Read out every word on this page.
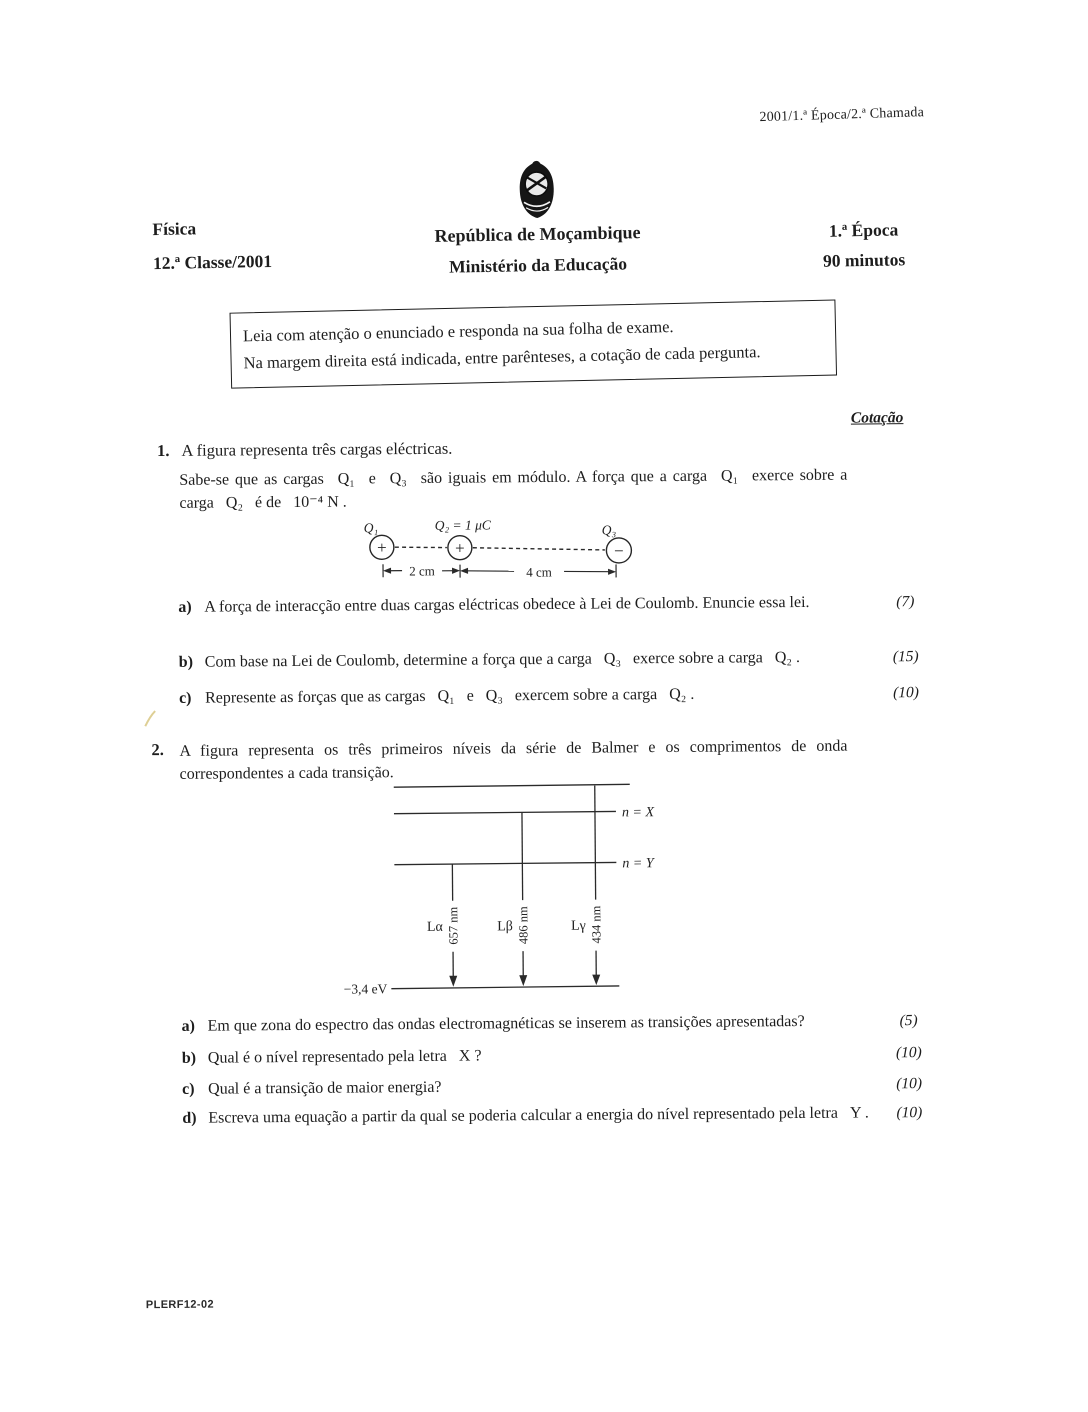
2001/1.ª Época/2.ª Chamada
Física
12.ª Classe/2001
República de Moçambique
Ministério da Educação
1.ª Época
90 minutos
Leia com atenção o enunciado e responda na sua folha de exame.
Na margem direita está indicada, entre parênteses, a cotação de cada pergunta.
Cotação
1. A figura representa três cargas eléctricas.
Sabe-se que as cargas  Q₁  e  Q₃  são iguais em módulo. A força que a carga  Q₁  exerce sobre a carga  Q₂  é de  10⁻⁴ N .
Q₁	Q₂ = 1 μC	Q₃
+	+	−
2 cm	4 cm
a) A força de interacção entre duas cargas eléctricas obedece à Lei de Coulomb. Enuncie essa lei.	(7)
b) Com base na Lei de Coulomb, determine a força que a carga  Q₃  exerce sobre a carga  Q₂ .	(15)
c) Represente as forças que as cargas  Q₁  e  Q₃  exercem sobre a carga  Q₂ .	(10)
2. A figura representa os três primeiros níveis da série de Balmer e os comprimentos de onda correspondentes a cada transição.
n = X
n = Y
−3,4 eV
Lα	Lβ	Lγ
657 nm	486 nm	434 nm
a) Em que zona do espectro das ondas electromagnéticas se inserem as transições apresentadas?	(5)
b) Qual é o nível representado pela letra  X ?	(10)
c) Qual é a transição de maior energia?	(10)
d) Escreva uma equação a partir da qual se poderia calcular a energia do nível representado pela letra  Y .	(10)
PLERF12-02
